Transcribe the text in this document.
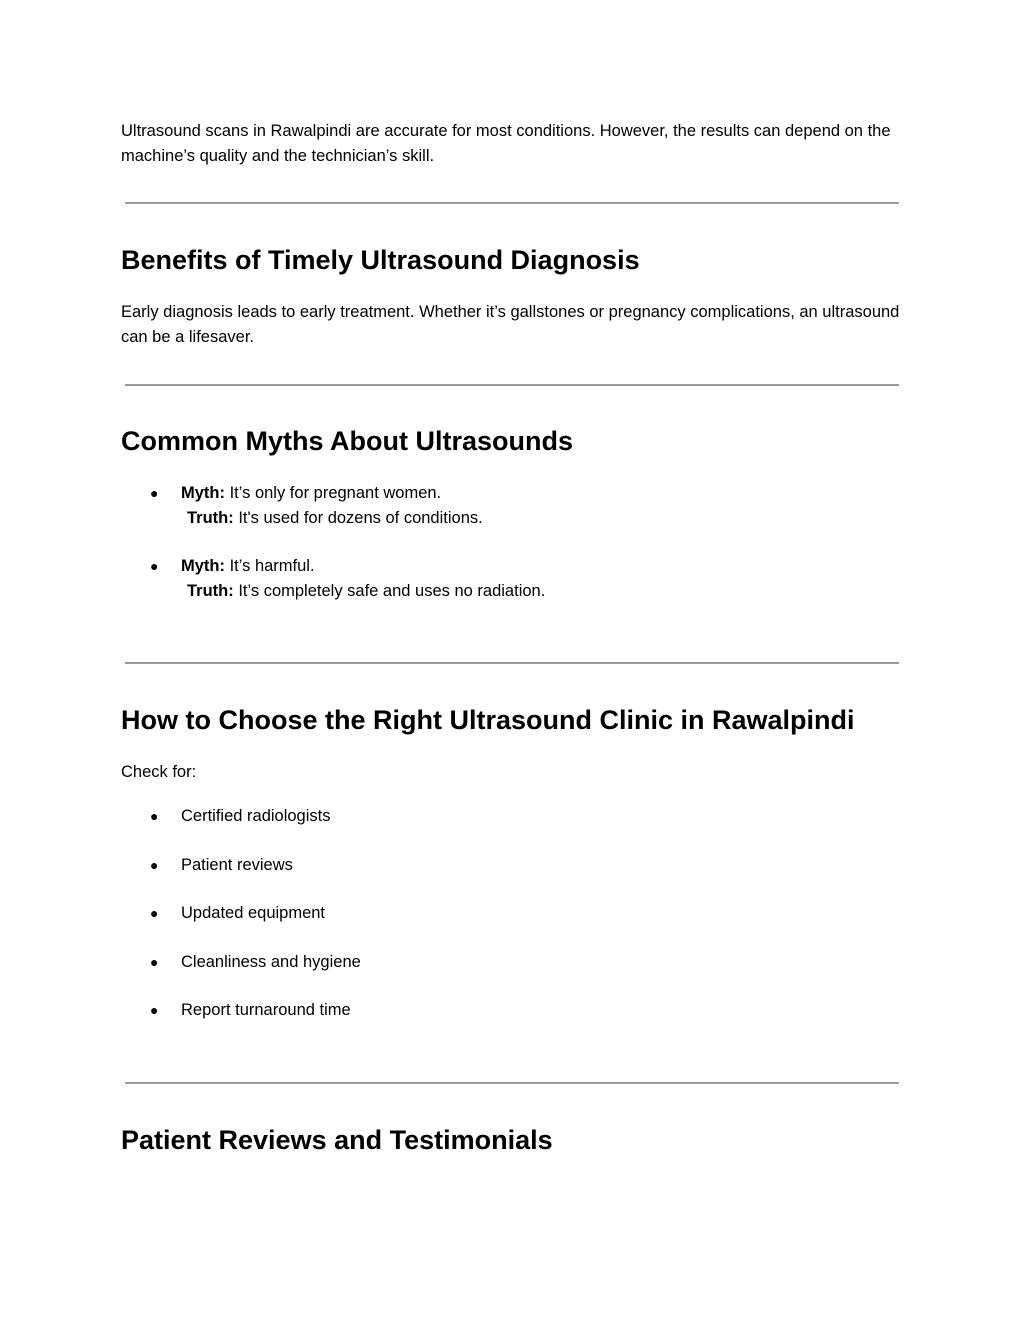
Ultrasound scans in Rawalpindi are accurate for most conditions. However, the results can depend on the machine’s quality and the technician’s skill.

Benefits of Timely Ultrasound Diagnosis

Early diagnosis leads to early treatment. Whether it’s gallstones or pregnancy complications, an ultrasound can be a lifesaver.

Common Myths About Ultrasounds
● Myth: It’s only for pregnant women.
Truth: It's used for dozens of conditions.
● Myth: It’s harmful.
Truth: It’s completely safe and uses no radiation.
How to Choose the Right Ultrasound Clinic in Rawalpindi

Check for:

● Certified radiologists
● Patient reviews
● Updated equipment
● Cleanliness and hygiene
● Report turnaround time
Patient Reviews and Testimonials
